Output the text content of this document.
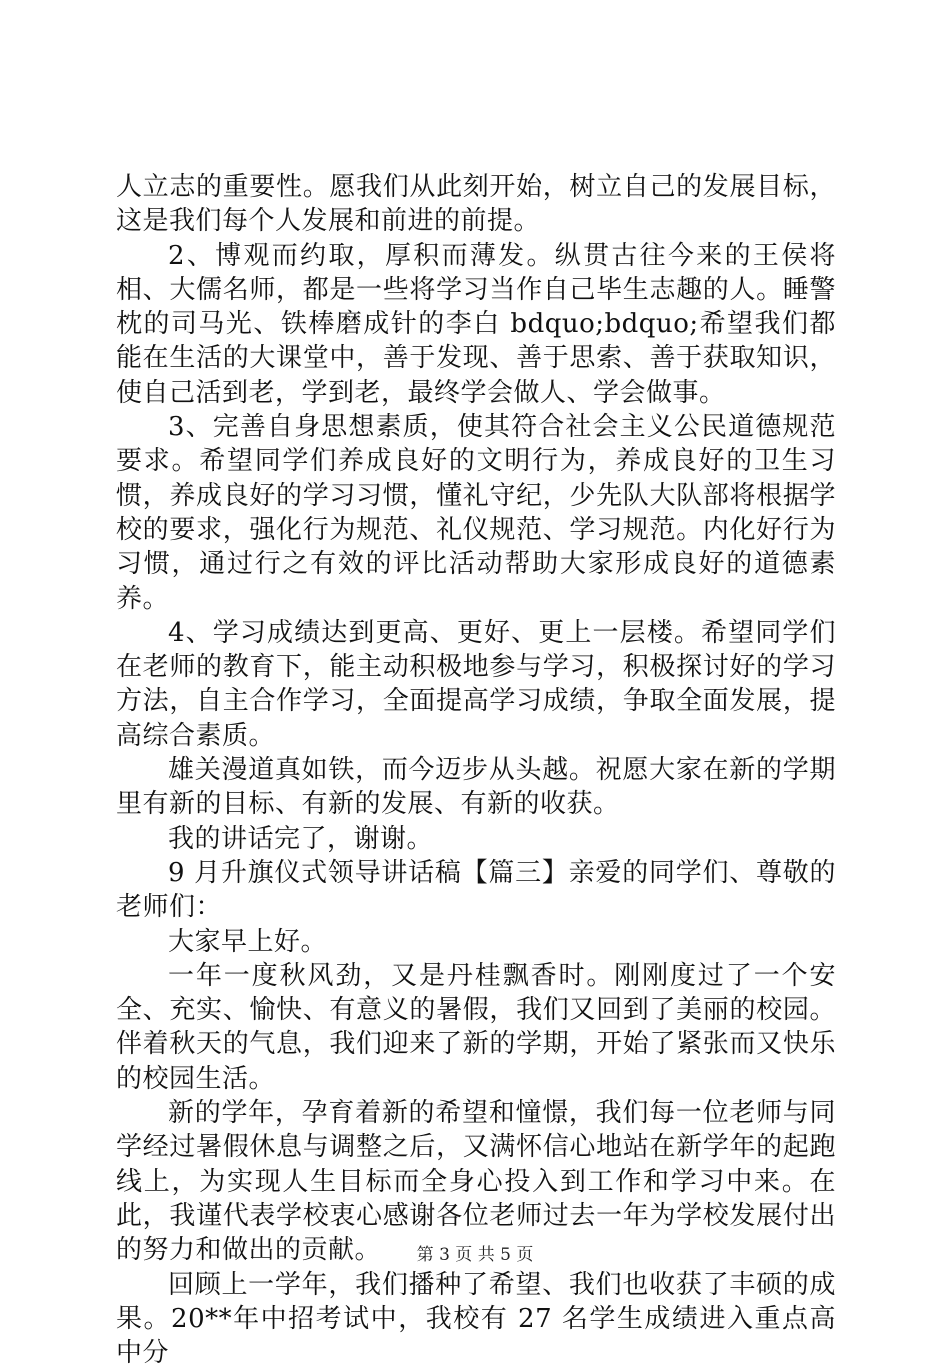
人立志的重要性。愿我们从此刻开始，树立自己的发展目标，这是我们每个人发展和前进的前提。

2、博观而约取，厚积而薄发。纵贯古往今来的王侯将相、大儒名师，都是一些将学习当作自己毕生志趣的人。睡警枕的司马光、铁棒磨成针的李白 bdquo;bdquo;希望我们都能在生活的大课堂中，善于发现、善于思索、善于获取知识，使自己活到老，学到老，最终学会做人、学会做事。

3、完善自身思想素质，使其符合社会主义公民道德规范要求。希望同学们养成良好的文明行为，养成良好的卫生习惯，养成良好的学习习惯，懂礼守纪，少先队大队部将根据学校的要求，强化行为规范、礼仪规范、学习规范。内化好行为习惯，通过行之有效的评比活动帮助大家形成良好的道德素养。

4、学习成绩达到更高、更好、更上一层楼。希望同学们在老师的教育下，能主动积极地参与学习，积极探讨好的学习方法，自主合作学习，全面提高学习成绩，争取全面发展，提高综合素质。

雄关漫道真如铁，而今迈步从头越。祝愿大家在新的学期里有新的目标、有新的发展、有新的收获。

我的讲话完了，谢谢。

9 月升旗仪式领导讲话稿【篇三】亲爱的同学们、尊敬的老师们：

大家早上好。

一年一度秋风劲，又是丹桂飘香时。刚刚度过了一个安全、充实、愉快、有意义的暑假，我们又回到了美丽的校园。伴着秋天的气息，我们迎来了新的学期，开始了紧张而又快乐的校园生活。

新的学年，孕育着新的希望和憧憬，我们每一位老师与同学经过暑假休息与调整之后，又满怀信心地站在新学年的起跑线上，为实现人生目标而全身心投入到工作和学习中来。在此，我谨代表学校衷心感谢各位老师过去一年为学校发展付出的努力和做出的贡献。

回顾上一学年，我们播种了希望、我们也收获了丰硕的成果。20**年中招考试中，我校有 27 名学生成绩进入重点高中分

第 3 页 共 5 页
